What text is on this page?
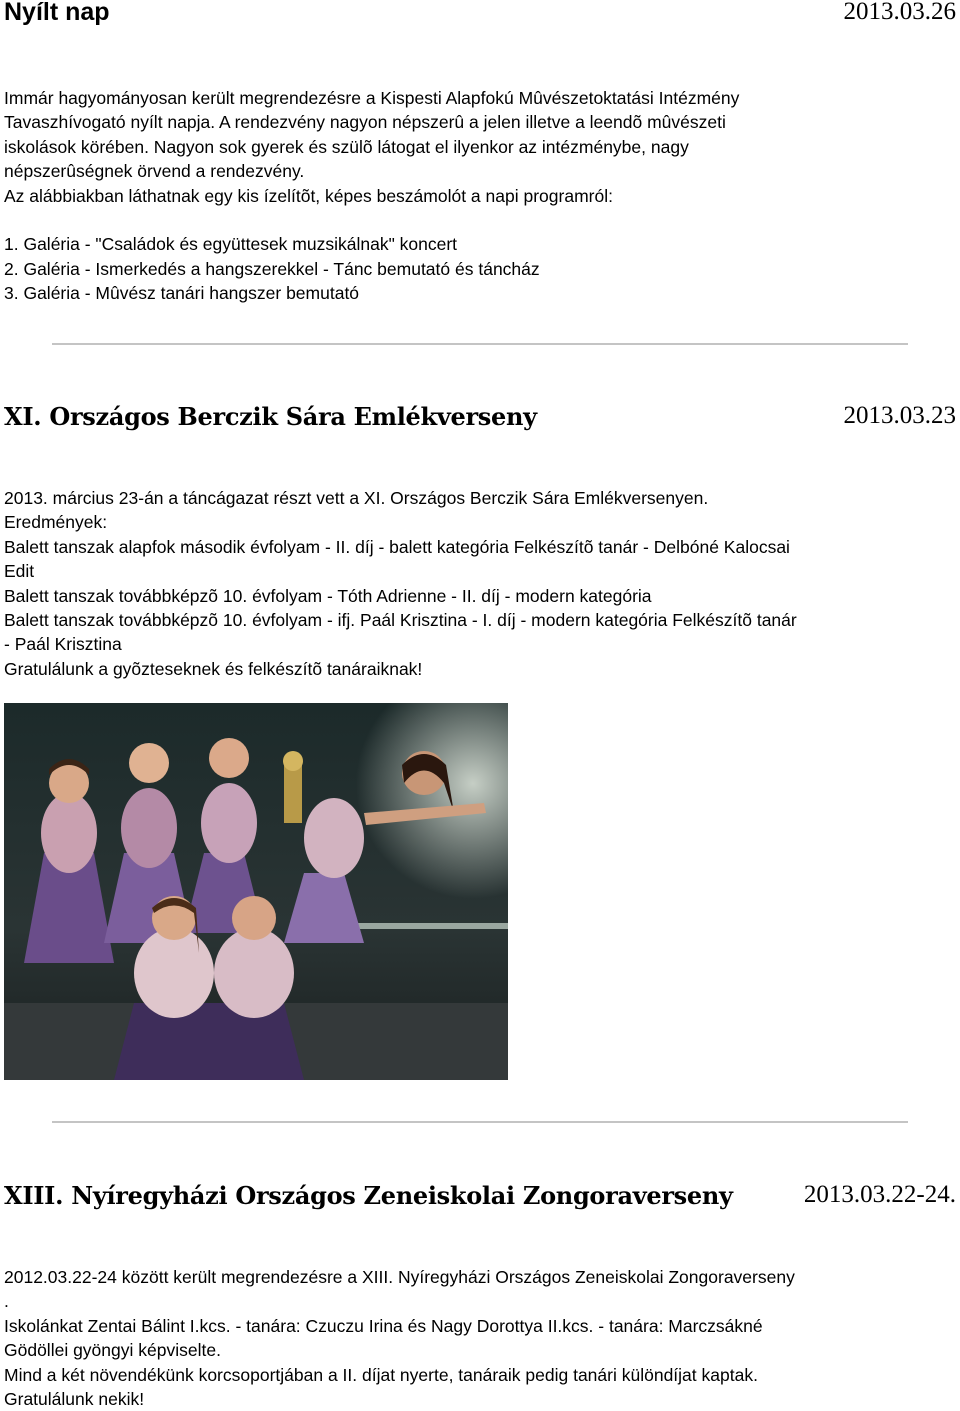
Nyílt nap	2013.03.26
Immár hagyományosan került megrendezésre a Kispesti Alapfokú Mûvészetoktatási Intézmény
Tavaszhívogató nyílt napja. A rendezvény nagyon népszerû a jelen illetve a leendõ mûvészeti
iskolások körében. Nagyon sok gyerek és szülõ látogat el ilyenkor az intézménybe, nagy
népszerûségnek örvend a rendezvény.
Az alábbiakban láthatnak egy kis ízelítõt, képes beszámolót a napi programról:
1. Galéria - "Családok és együttesek muzsikálnak" koncert
2. Galéria - Ismerkedés a hangszerekkel - Tánc bemutató és táncház
3. Galéria - Mûvész tanári hangszer bemutató
XI. Országos Berczik Sára Emlékverseny	2013.03.23
2013. március 23-án a táncágazat részt vett a XI. Országos Berczik Sára Emlékversenyen.
Eredmények:
Balett tanszak alapfok második évfolyam - II. díj - balett kategória Felkészítõ tanár - Delbóné Kalocsai
Edit
Balett tanszak továbbképzõ 10. évfolyam - Tóth Adrienne - II. díj - modern kategória
Balett tanszak továbbképzõ 10. évfolyam - ifj. Paál Krisztina - I. díj - modern kategória Felkészítõ tanár
- Paál Krisztina
Gratulálunk a gyõzteseknek és felkészítõ tanáraiknak!
XIII. Nyíregyházi Országos Zeneiskolai Zongoraverseny	2013.03.22-24.
2012.03.22-24 között került megrendezésre a XIII. Nyíregyházi Országos Zeneiskolai Zongoraverseny
.
Iskolánkat Zentai Bálint I.kcs. - tanára: Czuczu Irina és Nagy Dorottya II.kcs. - tanára: Marczsákné
Gödöllei gyöngyi képviselte.
Mind a két növendékünk korcsoportjában a II. díjat nyerte, tanáraik pedig tanári különdíjat kaptak.
Gratulálunk nekik!
